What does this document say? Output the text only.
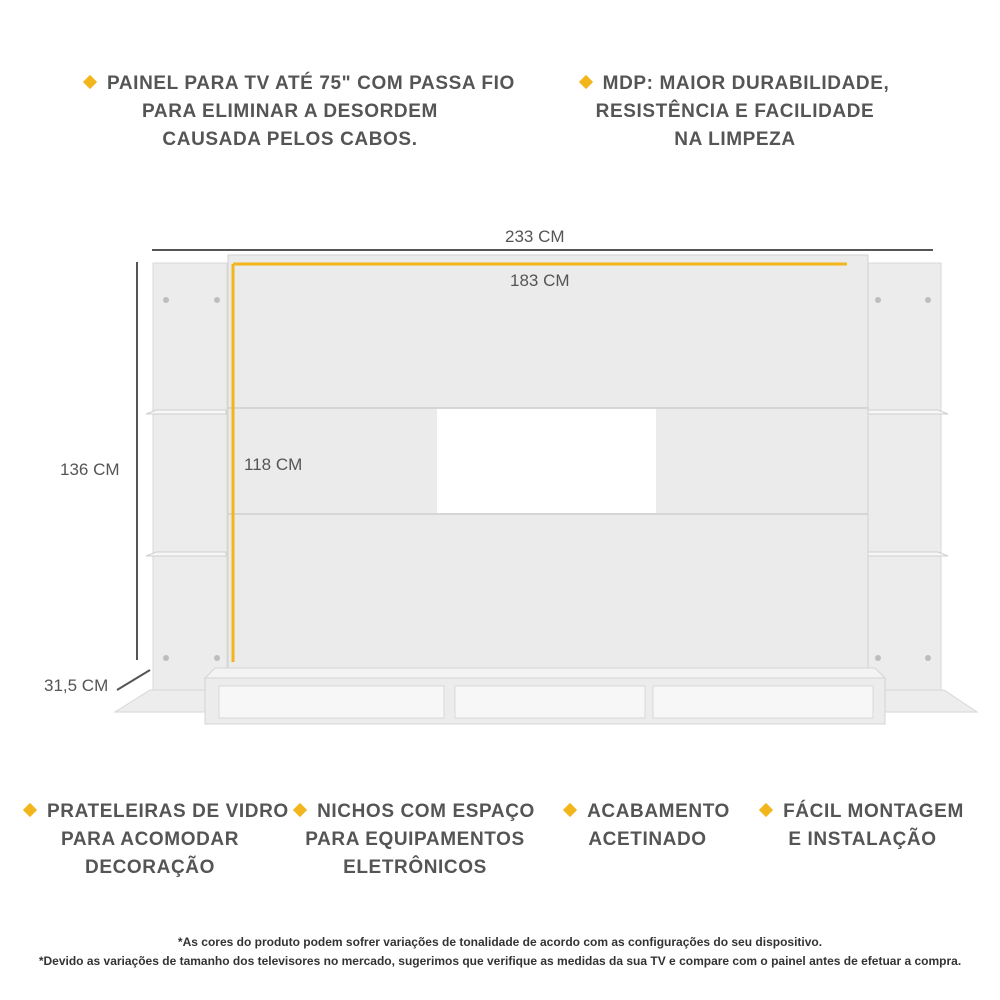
PAINEL PARA TV ATÉ 75" COM PASSA FIO
PARA ELIMINAR A DESORDEM
CAUSADA PELOS CABOS.
MDP: MAIOR DURABILIDADE,
RESISTÊNCIA E FACILIDADE
NA LIMPEZA
233 CM
183 CM
136 CM	118 CM
31,5 CM
PRATELEIRAS DE VIDRO
PARA ACOMODAR
DECORAÇÃO
NICHOS COM ESPAÇO
PARA EQUIPAMENTOS
ELETRÔNICOS
ACABAMENTO
ACETINADO
FÁCIL MONTAGEM
E INSTALAÇÃO
*As cores do produto podem sofrer variações de tonalidade de acordo com as configurações do seu dispositivo.
*Devido as variações de tamanho dos televisores no mercado, sugerimos que verifique as medidas da sua TV e compare com o painel antes de efetuar a compra.
